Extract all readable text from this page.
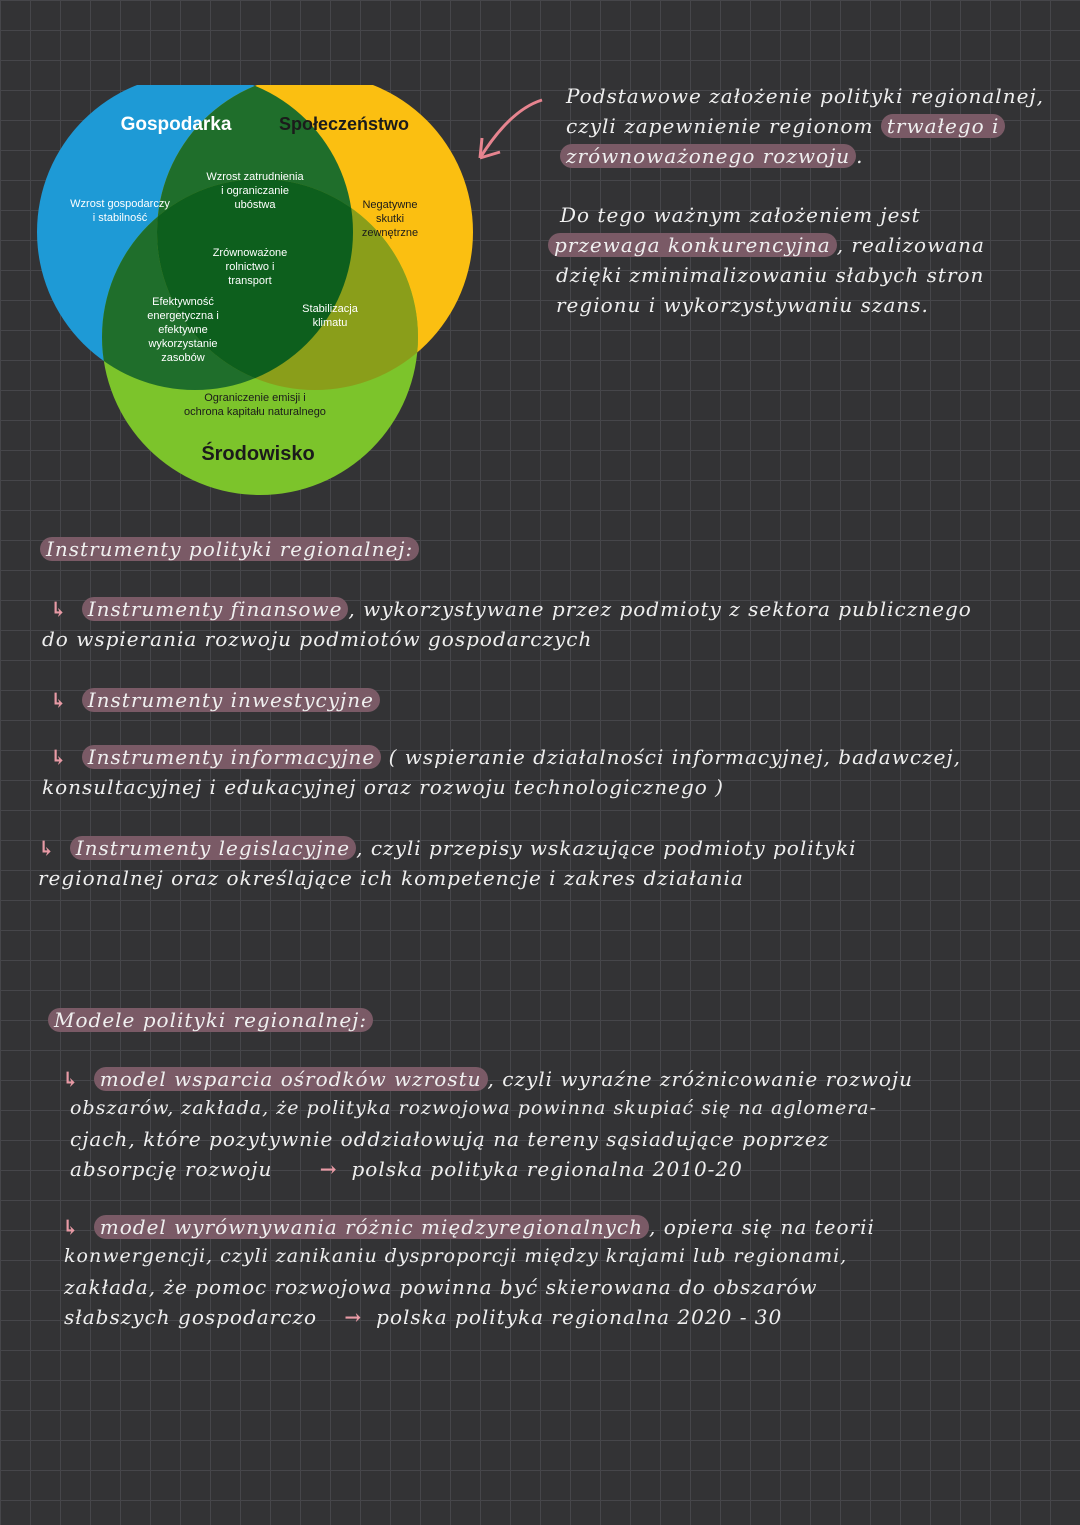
Gospodarka	Społeczeństwo
Środowisko
Wzrost gospodarczy i stabilność
Negatywne skutki zewnętrzne
Wzrost zatrudnienia i ograniczanie ubóstwa
Zrównoważone rolnictwo i transport
Efektywność energetyczna i efektywne wykorzystanie zasobów
Stabilizacja klimatu
Ograniczenie emisji i ochrona kapitału naturalnego
Podstawowe założenie polityki regionalnej,
czyli zapewnienie regionom trwałego i
zrównoważonego rozwoju .
Do tego ważnym założeniem jest
przewaga konkurencyjna , realizowana
dzięki zminimalizowaniu słabych stron
regionu i wykorzystywaniu szans.
Instrumenty polityki regionalnej:
↳ Instrumenty finansowe , wykorzystywane przez podmioty z sektora publicznego
do wspierania rozwoju podmiotów gospodarczych
↳ Instrumenty inwestycyjne
↳ Instrumenty informacyjne ( wspieranie działalności informacyjnej, badawczej,
konsultacyjnej i edukacyjnej oraz rozwoju technologicznego )
↳ Instrumenty legislacyjne , czyli przepisy wskazujące podmioty polityki
regionalnej oraz określające ich kompetencje i zakres działania
Modele polityki regionalnej:
↳ model wsparcia ośrodków wzrostu , czyli wyraźne zróżnicowanie rozwoju
obszarów, zakłada, że polityka rozwojowa powinna skupiać się na aglomera-
cjach, które pozytywnie oddziałowują na tereny sąsiadujące poprzez
absorpcję rozwoju → polska polityka regionalna 2010-20
↳ model wyrównywania różnic międzyregionalnych , opiera się na teorii
konwergencji, czyli zanikaniu dysproporcji między krajami lub regionami,
zakłada, że pomoc rozwojowa powinna być skierowana do obszarów
słabszych gospodarczo → polska polityka regionalna 2020 - 30
